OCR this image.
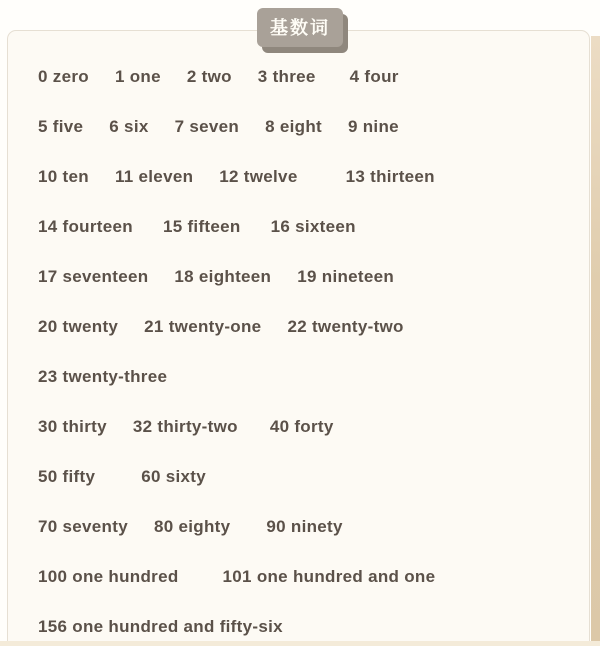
0 zero 1 one 2 two 3 three 4 four
5 five 6 six 7 seven 8 eight 9 nine
10 ten 11 eleven 12 twelve	13 thirteen
14 fourteen 15 fifteen 16 sixteen
17 seventeen 18 eighteen 19 nineteen
20 twenty 21 twenty-one 22 twenty-two
23 twenty-three
30 thirty 32 thirty-two 40 forty
50 fifty	60 sixty
70 seventy 80 eighty 90 ninety
100 one hundred	101 one hundred and one
156 one hundred and fifty-six
基数词
